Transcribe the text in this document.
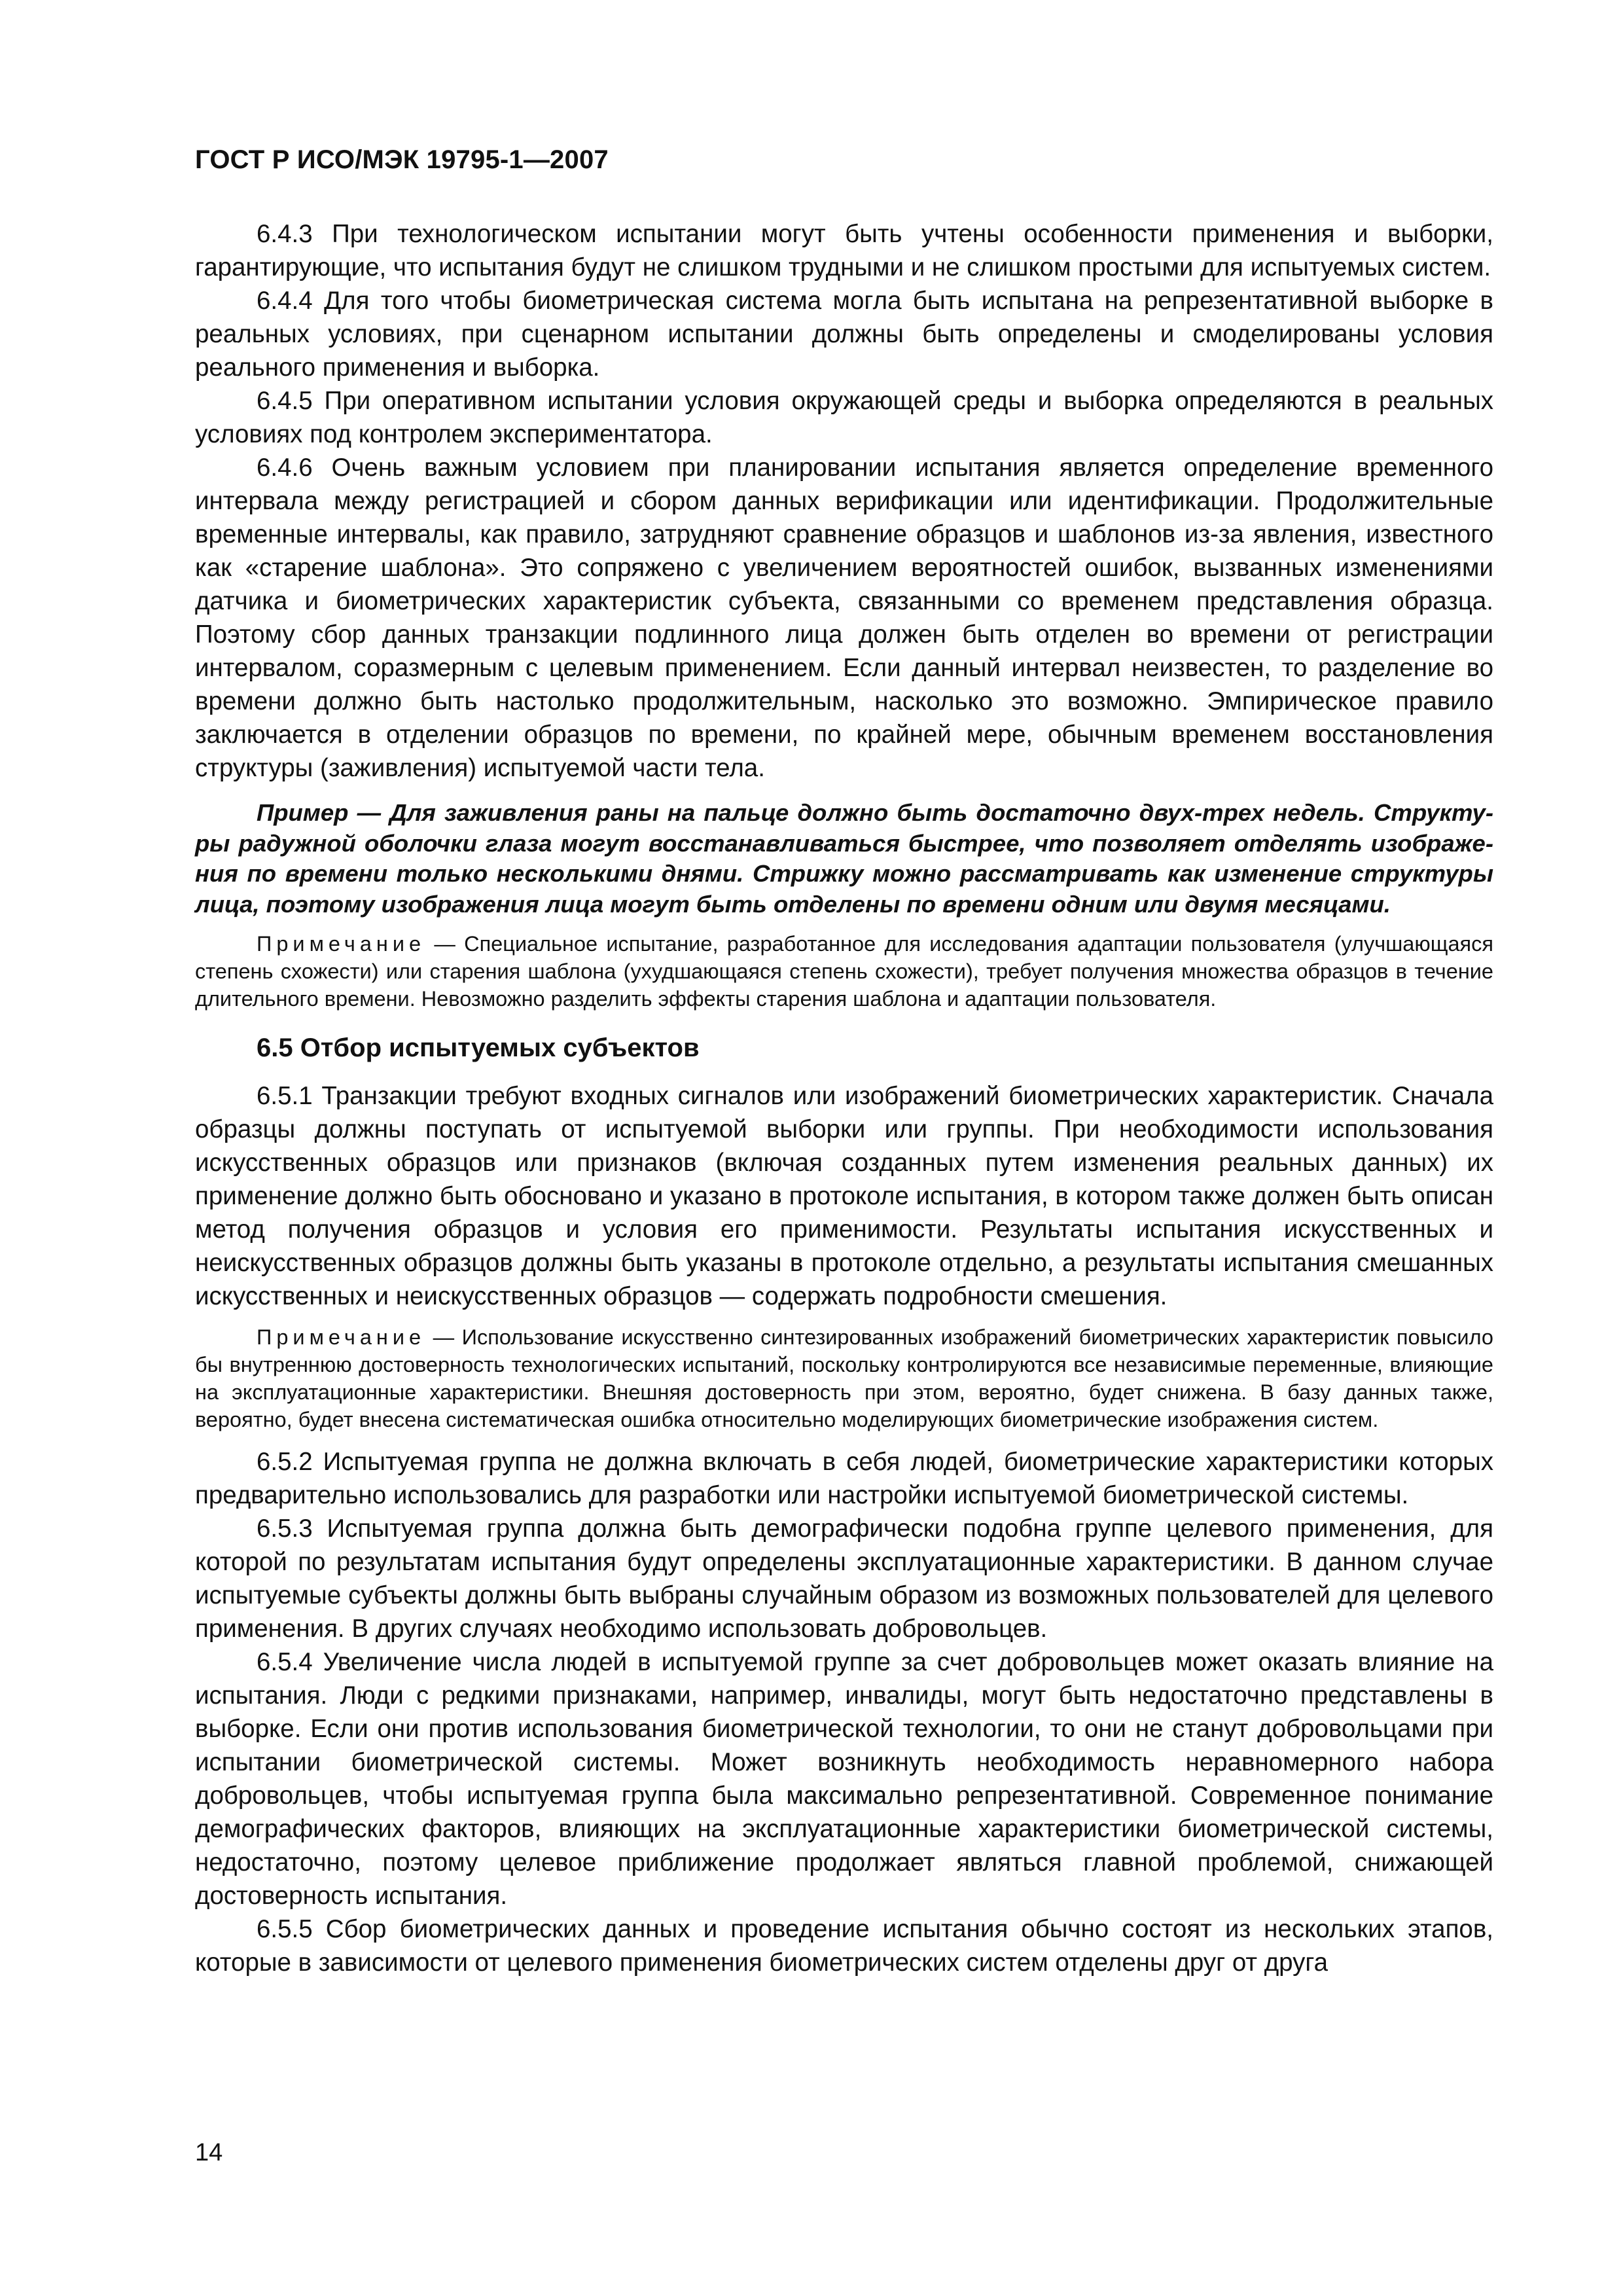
ГОСТ Р ИСО/МЭК 19795-1—2007

6.4.3 При технологическом испытании могут быть учтены особенности применения и выборки, гарантирующие, что испытания будут не слишком трудными и не слишком простыми для испытуемых систем.

6.4.4 Для того чтобы биометрическая система могла быть испытана на репрезентативной выборке в реальных условиях, при сценарном испытании должны быть определены и смоделированы условия реального применения и выборка.

6.4.5 При оперативном испытании условия окружающей среды и выборка определяются в реальных условиях под контролем экспериментатора.

6.4.6 Очень важным условием при планировании испытания является определение временного интервала между регистрацией и сбором данных верификации или идентификации. Продолжительные временные интервалы, как правило, затрудняют сравнение образцов и шаблонов из-за явления, известного как «старение шаблона». Это сопряжено с увеличением вероятностей ошибок, вызванных изменениями датчика и биометрических характеристик субъекта, связанными со временем представления образца. Поэтому сбор данных транзакции подлинного лица должен быть отделен во времени от регистрации интервалом, соразмерным с целевым применением. Если данный интервал неизвестен, то разделение во времени должно быть настолько продолжительным, насколько это возможно. Эмпирическое правило заключается в отделении образцов по времени, по крайней мере, обычным временем восстановления структуры (заживления) испытуемой части тела.

Пример — Для заживления раны на пальце должно быть достаточно двух-трех недель. Структуры радужной оболочки глаза могут восстанавливаться быстрее, что позволяет отделять изображения по времени только несколькими днями. Стрижку можно рассматривать как изменение структуры лица, поэтому изображения лица могут быть отделены по времени одним или двумя месяцами.

Примечание — Специальное испытание, разработанное для исследования адаптации пользователя (улучшающаяся степень схожести) или старения шаблона (ухудшающаяся степень схожести), требует получения множества образцов в течение длительного времени. Невозможно разделить эффекты старения шаблона и адаптации пользователя.

6.5 Отбор испытуемых субъектов

6.5.1 Транзакции требуют входных сигналов или изображений биометрических характеристик. Сначала образцы должны поступать от испытуемой выборки или группы. При необходимости использования искусственных образцов или признаков (включая созданных путем изменения реальных данных) их применение должно быть обосновано и указано в протоколе испытания, в котором также должен быть описан метод получения образцов и условия его применимости. Результаты испытания искусственных и неискусственных образцов должны быть указаны в протоколе отдельно, а результаты испытания смешанных искусственных и неискусственных образцов — содержать подробности смешения.

Примечание — Использование искусственно синтезированных изображений биометрических характеристик повысило бы внутреннюю достоверность технологических испытаний, поскольку контролируются все независимые переменные, влияющие на эксплуатационные характеристики. Внешняя достоверность при этом, вероятно, будет снижена. В базу данных также, вероятно, будет внесена систематическая ошибка относительно моделирующих биометрические изображения систем.

6.5.2 Испытуемая группа не должна включать в себя людей, биометрические характеристики которых предварительно использовались для разработки или настройки испытуемой биометрической системы.

6.5.3 Испытуемая группа должна быть демографически подобна группе целевого применения, для которой по результатам испытания будут определены эксплуатационные характеристики. В данном случае испытуемые субъекты должны быть выбраны случайным образом из возможных пользователей для целевого применения. В других случаях необходимо использовать добровольцев.

6.5.4 Увеличение числа людей в испытуемой группе за счет добровольцев может оказать влияние на испытания. Люди с редкими признаками, например, инвалиды, могут быть недостаточно представлены в выборке. Если они против использования биометрической технологии, то они не станут добровольцами при испытании биометрической системы. Может возникнуть необходимость неравномерного набора добровольцев, чтобы испытуемая группа была максимально репрезентативной. Современное понимание демографических факторов, влияющих на эксплуатационные характеристики биометрической системы, недостаточно, поэтому целевое приближение продолжает являться главной проблемой, снижающей достоверность испытания.

6.5.5 Сбор биометрических данных и проведение испытания обычно состоят из нескольких этапов, которые в зависимости от целевого применения биометрических систем отделены друг от друга

14
